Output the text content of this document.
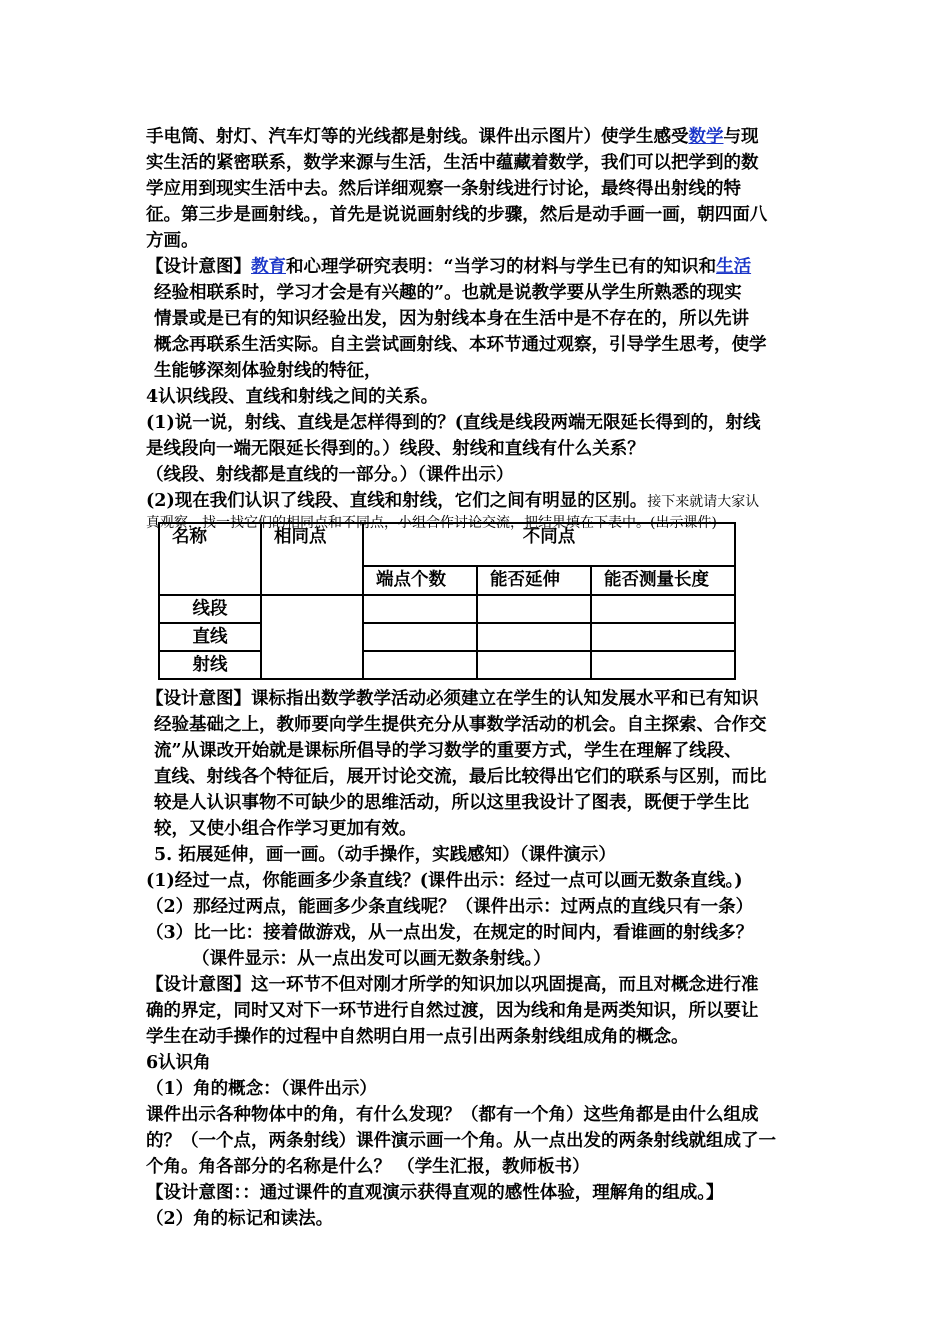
手电筒、射灯、汽车灯等的光线都是射线。课件出示图片）使学生感受数学与现
实生活的紧密联系，数学来源与生活，生活中蕴藏着数学，我们可以把学到的数
学应用到现实生活中去。然后详细观察一条射线进行讨论，最终得出射线的特
征。第三步是画射线。，首先是说说画射线的步骤，然后是动手画一画，朝四面八
方画。
【设计意图】教育和心理学研究表明：“当学习的材料与学生已有的知识和生活
经验相联系时，学习才会是有兴趣的”。也就是说教学要从学生所熟悉的现实
情景或是已有的知识经验出发，因为射线本身在生活中是不存在的，所以先讲
概念再联系生活实际。自主尝试画射线、本环节通过观察，引导学生思考，使学
生能够深刻体验射线的特征，
4认识线段、直线和射线之间的关系。
(1)说一说，射线、直线是怎样得到的？(直线是线段两端无限延长得到的，射线
是线段向一端无限延长得到的。）线段、射线和直线有什么关系？
（线段、射线都是直线的一部分。）（课件出示）
(2)现在我们认识了线段、直线和射线，它们之间有明显的区别。接下来就请大家认
真观察，找一找它们的相同点和不同点，小组合作讨论交流，把结果填在下表中。(出示课件)
名称	相同点	不同点		
		端点个数	能否延伸	能否测量长度
线段				
直线				
射线				
【设计意图】课标指出数学教学活动必须建立在学生的认知发展水平和已有知识
经验基础之上，教师要向学生提供充分从事数学活动的机会。自主探索、合作交
流”从课改开始就是课标所倡导的学习数学的重要方式，学生在理解了线段、
直线、射线各个特征后，展开讨论交流，最后比较得出它们的联系与区别，而比
较是人认识事物不可缺少的思维活动，所以这里我设计了图表，既便于学生比
较，又使小组合作学习更加有效。
5. 拓展延伸，画一画。（动手操作，实践感知）（课件演示）
(1)经过一点，你能画多少条直线？(课件出示：经过一点可以画无数条直线。)
（2）那经过两点，能画多少条直线呢？（课件出示：过两点的直线只有一条）
（3）比一比：接着做游戏，从一点出发，在规定的时间内，看谁画的射线多？
（课件显示：从一点出发可以画无数条射线。）
【设计意图】这一环节不但对刚才所学的知识加以巩固提高，而且对概念进行准
确的界定，同时又对下一环节进行自然过渡，因为线和角是两类知识，所以要让
学生在动手操作的过程中自然明白用一点引出两条射线组成角的概念。
6认识角
（1）角的概念：（课件出示）
课件出示各种物体中的角，有什么发现？（都有一个角）这些角都是由什么组成
的？（一个点，两条射线）课件演示画一个角。从一点出发的两条射线就组成了一
个角。角各部分的名称是什么？ （学生汇报，教师板书）
【设计意图：：通过课件的直观演示获得直观的感性体验，理解角的组成。】
（2）角的标记和读法。
